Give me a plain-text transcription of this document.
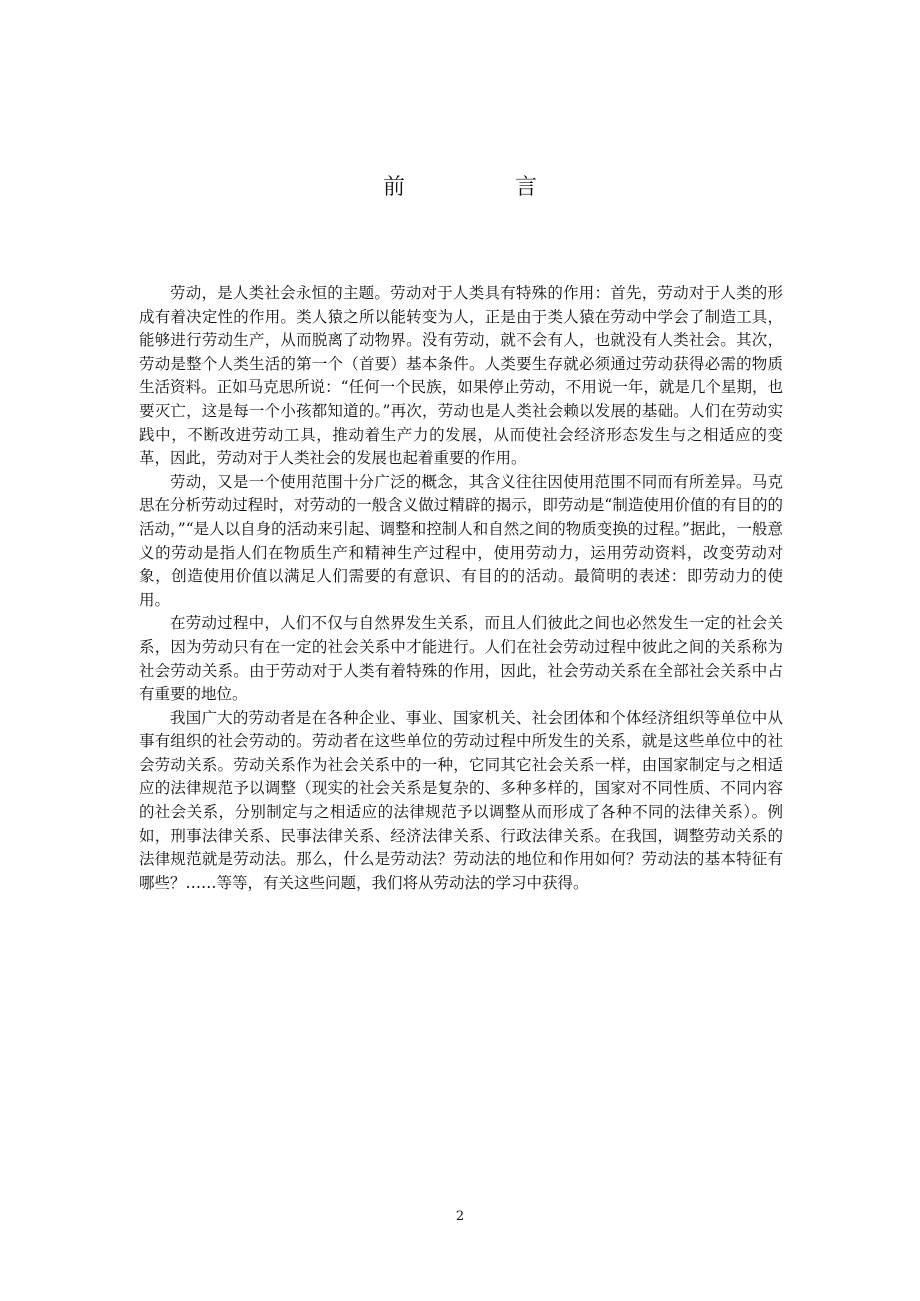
前	言

劳动，是人类社会永恒的主题。劳动对于人类具有特殊的作用：首先，劳动对于人类的形成有着决定性的作用。类人猿之所以能转变为人，正是由于类人猿在劳动中学会了制造工具，能够进行劳动生产，从而脱离了动物界。没有劳动，就不会有人，也就没有人类社会。其次，劳动是整个人类生活的第一个（首要）基本条件。人类要生存就必须通过劳动获得必需的物质生活资料。正如马克思所说：“任何一个民族，如果停止劳动，不用说一年，就是几个星期，也要灭亡，这是每一个小孩都知道的。”再次，劳动也是人类社会赖以发展的基础。人们在劳动实践中，不断改进劳动工具，推动着生产力的发展，从而使社会经济形态发生与之相适应的变革，因此，劳动对于人类社会的发展也起着重要的作用。

劳动，又是一个使用范围十分广泛的概念，其含义往往因使用范围不同而有所差异。马克思在分析劳动过程时，对劳动的一般含义做过精辟的揭示，即劳动是“制造使用价值的有目的的活动，”“是人以自身的活动来引起、调整和控制人和自然之间的物质变换的过程。”据此，一般意义的劳动是指人们在物质生产和精神生产过程中，使用劳动力，运用劳动资料，改变劳动对象，创造使用价值以满足人们需要的有意识、有目的的活动。最简明的表述：即劳动力的使用。

在劳动过程中，人们不仅与自然界发生关系，而且人们彼此之间也必然发生一定的社会关系，因为劳动只有在一定的社会关系中才能进行。人们在社会劳动过程中彼此之间的关系称为社会劳动关系。由于劳动对于人类有着特殊的作用，因此，社会劳动关系在全部社会关系中占有重要的地位。

我国广大的劳动者是在各种企业、事业、国家机关、社会团体和个体经济组织等单位中从事有组织的社会劳动的。劳动者在这些单位的劳动过程中所发生的关系，就是这些单位中的社会劳动关系。劳动关系作为社会关系中的一种，它同其它社会关系一样，由国家制定与之相适应的法律规范予以调整（现实的社会关系是复杂的、多种多样的，国家对不同性质、不同内容的社会关系，分别制定与之相适应的法律规范予以调整从而形成了各种不同的法律关系）。例如，刑事法律关系、民事法律关系、经济法律关系、行政法律关系。在我国，调整劳动关系的法律规范就是劳动法。那么，什么是劳动法？劳动法的地位和作用如何？劳动法的基本特征有哪些？……等等，有关这些问题，我们将从劳动法的学习中获得。

2
